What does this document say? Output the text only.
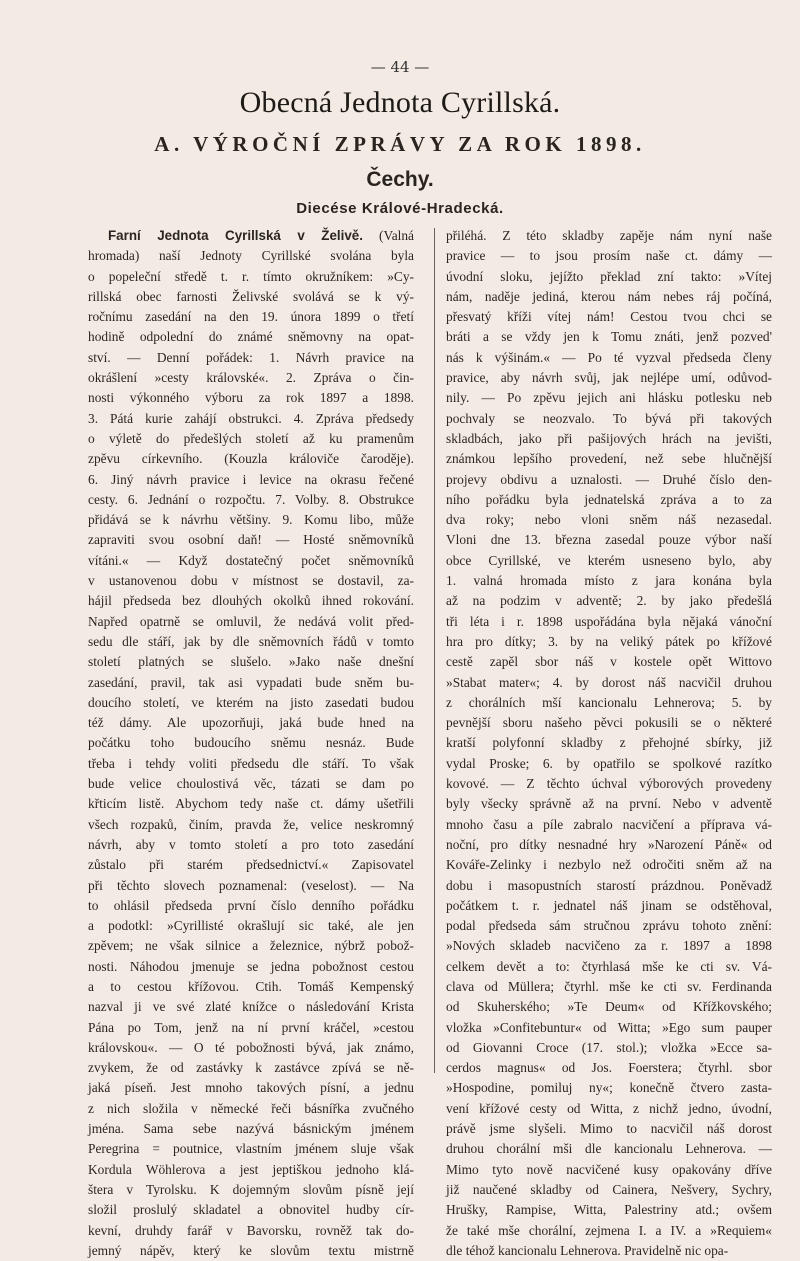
— 44 —
Obecná Jednota Cyrillská.
A. VÝROČNÍ ZPRÁVY ZA ROK 1898.
Čechy.
Diecése Králové-Hradecká.
Farní Jednota Cyrillská v Želivě. (Valná
hromada) naší Jednoty Cyrillské svolána byla
o popeleční středě t. r. tímto okružníkem: »Cy-
rillská obec farnosti Želivské svolává se k vý-
ročnímu zasedání na den 19. února 1899 o třetí
hodině odpolední do známé sněmovny na opat-
ství. — Denní pořádek: 1. Návrh pravice na
okrášlení »cesty královské«. 2. Zpráva o čin-
nosti výkonného výboru za rok 1897 a 1898.
3. Pátá kurie zahájí obstrukci. 4. Zpráva předsedy
o výletě do předešlých století až ku pramenům
zpěvu církevního. (Kouzla královiče čaroděje).
6. Jiný návrh pravice i levice na okrasu řečené
cesty. 6. Jednání o rozpočtu. 7. Volby. 8. Obstrukce
přidává se k návrhu většiny. 9. Komu libo, může
zapraviti svou osobní daň! — Hosté sněmovníků
vítáni.« — Když dostatečný počet sněmovníků
v ustanovenou dobu v místnost se dostavil, za-
hájil předseda bez dlouhých okolků ihned rokování.
Napřed opatrně se omluvil, že nedává volit před-
sedu dle stáří, jak by dle sněmovních řádů v tomto
století platných se slušelo. »Jako naše dnešní
zasedání, pravil, tak asi vypadati bude sněm bu-
doucího století, ve kterém na jisto zasedati budou
též dámy. Ale upozorňuji, jaká bude hned na
počátku toho budoucího sněmu nesnáz. Bude
třeba i tehdy voliti předsedu dle stáří. To však
bude velice choulostivá věc, tázati se dam po
křticím listě. Abychom tedy naše ct. dámy ušetřili
všech rozpaků, činím, pravda že, velice neskromný
návrh, aby v tomto století a pro toto zasedání
zůstalo při starém předsednictví.« Zapisovatel
při těchto slovech poznamenal: (veselost). — Na
to ohlásil předseda první číslo denního pořádku
a podotkl: »Cyrillisté okrašlují sic také, ale jen
zpěvem; ne však silnice a železnice, nýbrž pobož-
nosti. Náhodou jmenuje se jedna pobožnost cestou
a to cestou křížovou. Ctih. Tomáš Kempenský
nazval ji ve své zlaté knížce o následování Krista
Pána po Tom, jenž na ní první kráčel, »cestou
královskou«. — O té pobožnosti bývá, jak známo,
zvykem, že od zastávky k zastávce zpívá se ně-
jaká píseň. Jest mnoho takových písní, a jednu
z nich složila v německé řeči básnířka zvučného
jména. Sama sebe nazývá básnickým jménem
Peregrina = poutnice, vlastním jménem sluje však
Kordula Wöhlerova a jest jeptiškou jednoho klá-
štera v Tyrolsku. K dojemným slovům písně její
složil proslulý skladatel a obnovitel hudby cír-
kevní, druhdy farář v Bavorsku, rovněž tak do-
jemný nápěv, který ke slovům textu mistrně
přiléhá. Z této skladby zapěje nám nyní naše
pravice — to jsou prosím naše ct. dámy —
úvodní sloku, jejížto překlad zní takto: »Vítej
nám, naděje jediná, kterou nám nebes ráj počíná,
přesvatý kříži vítej nám! Cestou tvou chci se
bráti a se vždy jen k Tomu znáti, jenž pozved'
nás k výšinám.« — Po té vyzval předseda členy
pravice, aby návrh svůj, jak nejlépe umí, odůvod-
nily. — Po zpěvu jejich ani hlásku potlesku neb
pochvaly se neozvalo. To bývá při takových
skladbách, jako při pašijových hrách na jevišti,
známkou lepšího provedení, než sebe hlučnější
projevy obdivu a uznalosti. — Druhé číslo den-
ního pořádku byla jednatelská zpráva a to za
dva roky; nebo vloni sněm náš nezasedal.
Vloni dne 13. března zasedal pouze výbor naší
obce Cyrillské, ve kterém usneseno bylo, aby
1. valná hromada místo z jara konána byla
až na podzim v adventě; 2. by jako předešlá
tři léta i r. 1898 uspořádána byla nějaká vánoční
hra pro dítky; 3. by na veliký pátek po křížové
cestě zapěl sbor náš v kostele opět Wittovo
»Stabat mater«; 4. by dorost náš nacvičil druhou
z chorálních mší kancionalu Lehnerova; 5. by
pevnější sboru našeho pěvci pokusili se o některé
kratší polyfonní skladby z přehojné sbírky, již
vydal Proske; 6. by opatřilo se spolkové razítko
kovové. — Z těchto úchval výborových provedeny
byly všecky správně až na první. Nebo v adventě
mnoho času a píle zabralo nacvičení a příprava vá-
noční, pro dítky nesnadné hry »Narození Páně« od
Kováře-Zelinky i nezbylo než odročiti sněm až na
dobu i masopustních starostí prázdnou. Poněvadž
počátkem t. r. jednatel náš jinam se odstěhoval,
podal předseda sám stručnou zprávu tohoto znění:
»Nových skladeb nacvičeno za r. 1897 a 1898
celkem devět a to: čtyrhlasá mše ke cti sv. Vá-
clava od Müllera; čtyrhl. mše ke cti sv. Ferdinanda
od Skuherského; »Te Deum« od Křížkovského;
vložka »Confitebuntur« od Witta; »Ego sum pauper
od Giovanni Croce (17. stol.); vložka »Ecce sa-
cerdos magnus« od Jos. Foerstera; čtyrhl. sbor
»Hospodine, pomiluj ny«; konečně čtvero zasta-
vení křížové cesty od Witta, z nichž jedno, úvodní,
právě jsme slyšeli. Mimo to nacvičil náš dorost
druhou chorální mši dle kancionalu Lehnerova. —
Mimo tyto nově nacvičené kusy opakovány dříve
již naučené skladby od Cainera, Nešvery, Sychry,
Hrušky, Rampise, Witta, Palestriny atd.; ovšem
že také mše chorální, zejmena I. a IV. a »Requiem«
dle téhož kancionalu Lehnerova. Pravidelně nic opa-
